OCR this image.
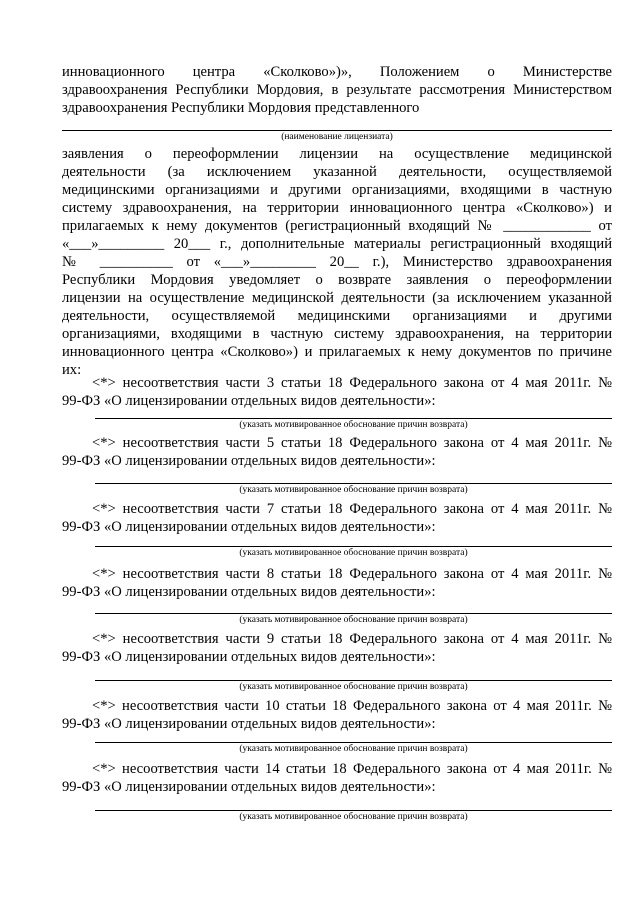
инновационного центра «Сколково»)», Положением о Министерстве
здравоохранения Республики Мордовия, в результате рассмотрения Министерством
здравоохранения Республики Мордовия представленного
(наименование лицензиата)
заявления о переоформлении лицензии на осуществление медицинской
деятельности (за исключением указанной деятельности, осуществляемой
медицинскими организациями и другими организациями, входящими в частную
систему здравоохранения, на территории инновационного центра «Сколково») и
прилагаемых к нему документов (регистрационный входящий № ____________ от
«___»_________ 20___ г., дополнительные материалы регистрационный входящий
№ __________ от «___»_________ 20__ г.), Министерство здравоохранения
Республики Мордовия уведомляет о возврате заявления о переоформлении
лицензии на осуществление медицинской деятельности (за исключением указанной
деятельности, осуществляемой медицинскими организациями и другими
организациями, входящими в частную систему здравоохранения, на территории
инновационного центра «Сколково») и прилагаемых к нему документов по причине
их:
<*> несоответствия части 3 статьи 18 Федерального закона от 4 мая 2011г. №
99-ФЗ «О лицензировании отдельных видов деятельности»:
(указать мотивированное обоснование причин возврата)
<*> несоответствия части 5 статьи 18 Федерального закона от 4 мая 2011г. №
99-ФЗ «О лицензировании отдельных видов деятельности»:
(указать мотивированное обоснование причин возврата)
<*> несоответствия части 7 статьи 18 Федерального закона от 4 мая 2011г. №
99-ФЗ «О лицензировании отдельных видов деятельности»:
(указать мотивированное обоснование причин возврата)
<*> несоответствия части 8 статьи 18 Федерального закона от 4 мая 2011г. №
99-ФЗ «О лицензировании отдельных видов деятельности»:
(указать мотивированное обоснование причин возврата)
<*> несоответствия части 9 статьи 18 Федерального закона от 4 мая 2011г. №
99-ФЗ «О лицензировании отдельных видов деятельности»:
(указать мотивированное обоснование причин возврата)
<*> несоответствия части 10 статьи 18 Федерального закона от 4 мая 2011г. №
99-ФЗ «О лицензировании отдельных видов деятельности»:
(указать мотивированное обоснование причин возврата)
<*> несоответствия части 14 статьи 18 Федерального закона от 4 мая 2011г. №
99-ФЗ «О лицензировании отдельных видов деятельности»:
(указать мотивированное обоснование причин возврата)
